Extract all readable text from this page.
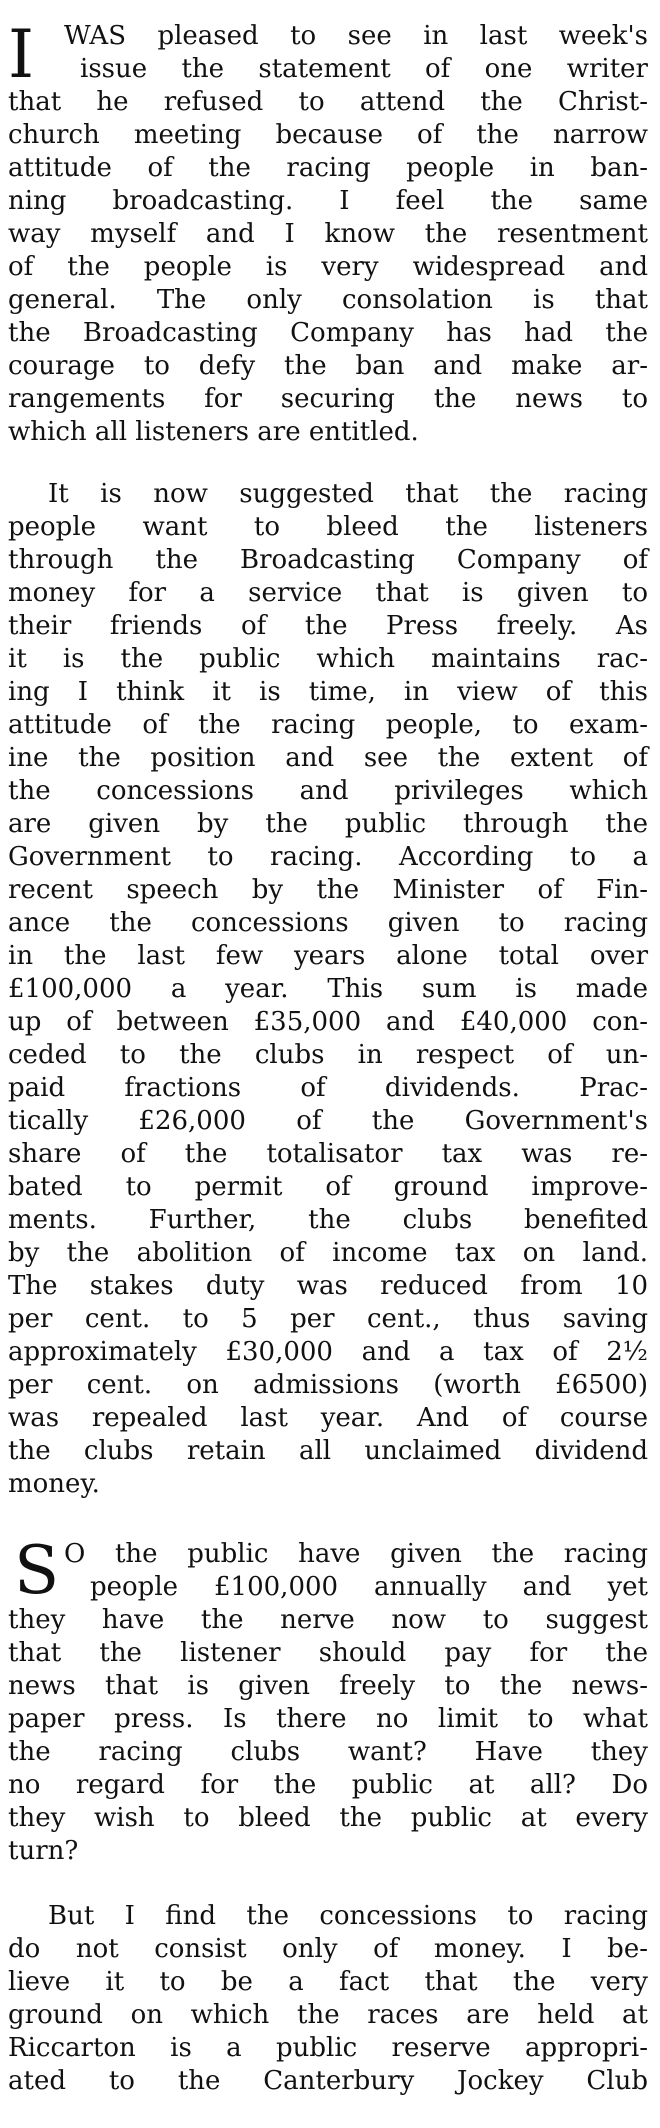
I WAS pleased to see in last week's
issue the statement of one writer
that he refused to attend the Christ-
church meeting because of the narrow
attitude of the racing people in ban-
ning broadcasting. I feel the same
way myself and I know the resentment
of the people is very widespread and
general. The only consolation is that
the Broadcasting Company has had the
courage to defy the ban and make ar-
rangements for securing the news to
which all listeners are entitled.
It is now suggested that the racing
people want to bleed the listeners
through the Broadcasting Company of
money for a service that is given to
their friends of the Press freely. As
it is the public which maintains rac-
ing I think it is time, in view of this
attitude of the racing people, to exam-
ine the position and see the extent of
the concessions and privileges which
are given by the public through the
Government to racing. According to a
recent speech by the Minister of Fin-
ance the concessions given to racing
in the last few years alone total over
£100,000 a year. This sum is made
up of between £35,000 and £40,000 con-
ceded to the clubs in respect of un-
paid fractions of dividends. Prac-
tically £26,000 of the Government's
share of the totalisator tax was re-
bated to permit of ground improve-
ments. Further, the clubs benefited
by the abolition of income tax on land.
The stakes duty was reduced from 10
per cent. to 5 per cent., thus saving
approximately £30,000 and a tax of 2½
per cent. on admissions (worth £6500)
was repealed last year. And of course
the clubs retain all unclaimed dividend
money.
S O the public have given the racing
people £100,000 annually and yet
they have the nerve now to suggest
that the listener should pay for the
news that is given freely to the news-
paper press. Is there no limit to what
the racing clubs want? Have they
no regard for the public at all? Do
they wish to bleed the public at every
turn?
But I find the concessions to racing
do not consist only of money. I be-
lieve it to be a fact that the very
ground on which the races are held at
Riccarton is a public reserve appropri-
ated to the Canterbury Jockey Club
